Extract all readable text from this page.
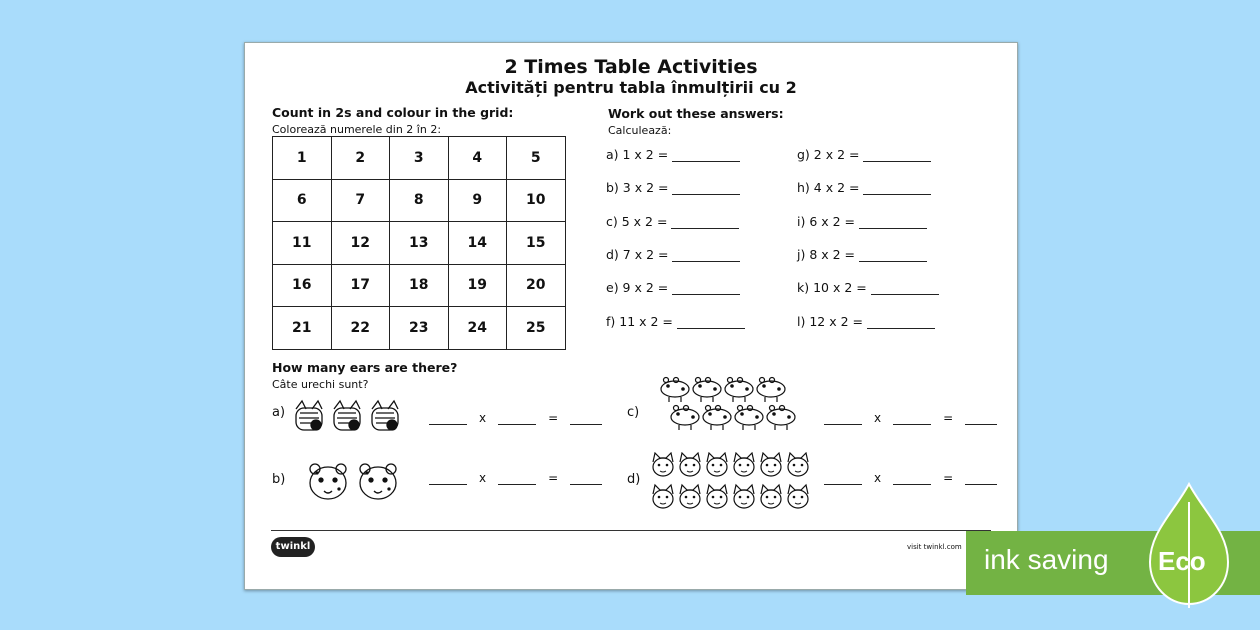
2 Times Table Activities
Activități pentru tabla înmulțirii cu 2
Count in 2s and colour in the grid:
Colorează numerele din 2 în 2:
1	2	3	4	5
6	7	8	9	10
11	12	13	14	15
16	17	18	19	20
21	22	23	24	25
Work out these answers:
Calculează:
a) 1 x 2 =
b) 3 x 2 =
c) 5 x 2 =
d) 7 x 2 =
e) 9 x 2 =
f) 11 x 2 =
g) 2 x 2 =
h) 4 x 2 =
i) 6 x 2 =
j) 8 x 2 =
k) 10 x 2 =
l) 12 x 2 =
How many ears are there?
Câte urechi sunt?
a)	x	=
b)	x	=
c)	x	=
d)	x	=
twinkl	visit twinkl.com ink saving Eco
